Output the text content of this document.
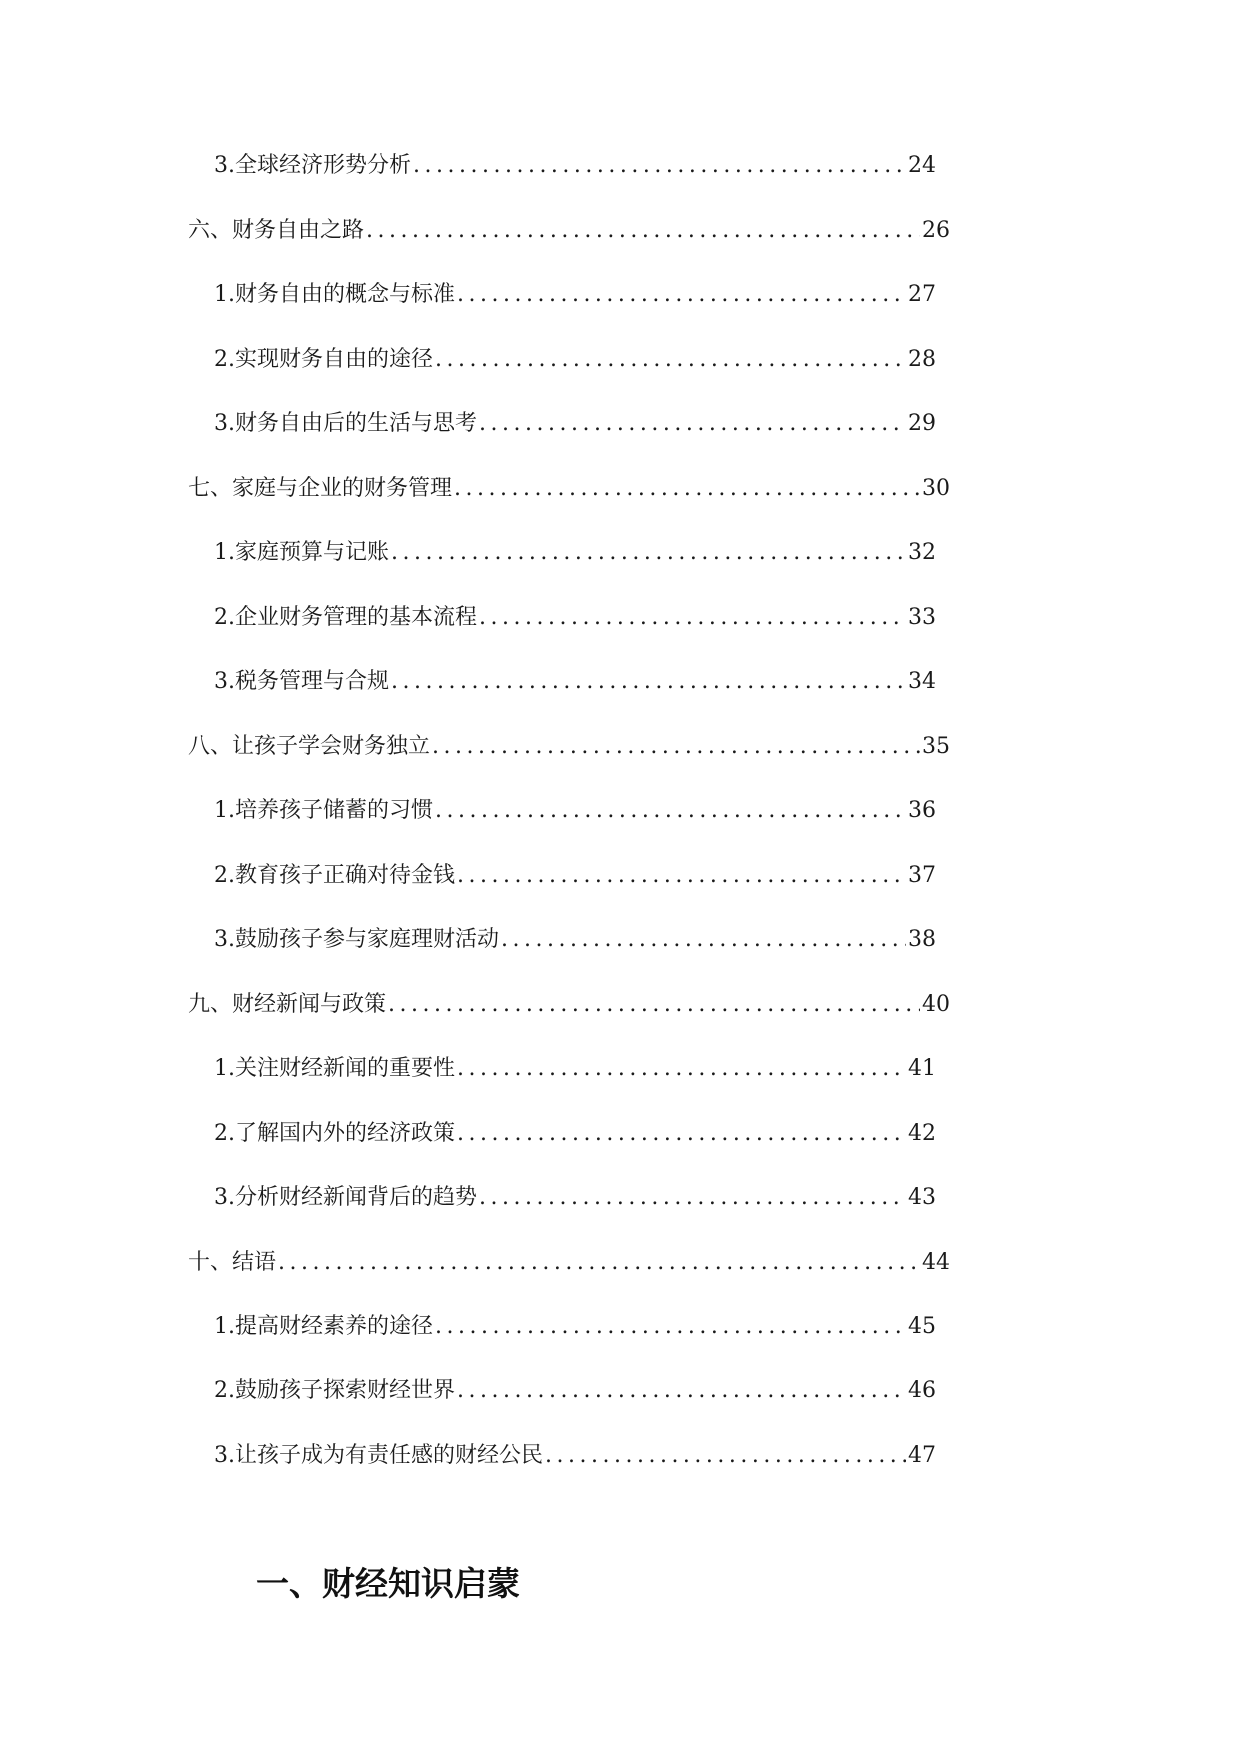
3. 全球经济形势分析 .....	24
六、财务自由之路 .....	26
1. 财务自由的概念与标准 .....	27
2. 实现财务自由的途径 .....	28
3. 财务自由后的生活与思考 .....	29
七、家庭与企业的财务管理 .....	30
1. 家庭预算与记账 .....	32
2. 企业财务管理的基本流程 .....	33
3. 税务管理与合规 .....	34
八、让孩子学会财务独立 .....	35
1. 培养孩子储蓄的习惯 .....	36
2. 教育孩子正确对待金钱 .....	37
3. 鼓励孩子参与家庭理财活动 .....	38
九、财经新闻与政策 .....	40
1. 关注财经新闻的重要性 .....	41
2. 了解国内外的经济政策 .....	42
3. 分析财经新闻背后的趋势 .....	43
十、结语 .....	44
1. 提高财经素养的途径 .....	45
2. 鼓励孩子探索财经世界 .....	46
3. 让孩子成为有责任感的财经公民 .....	47
一、财经知识启蒙
